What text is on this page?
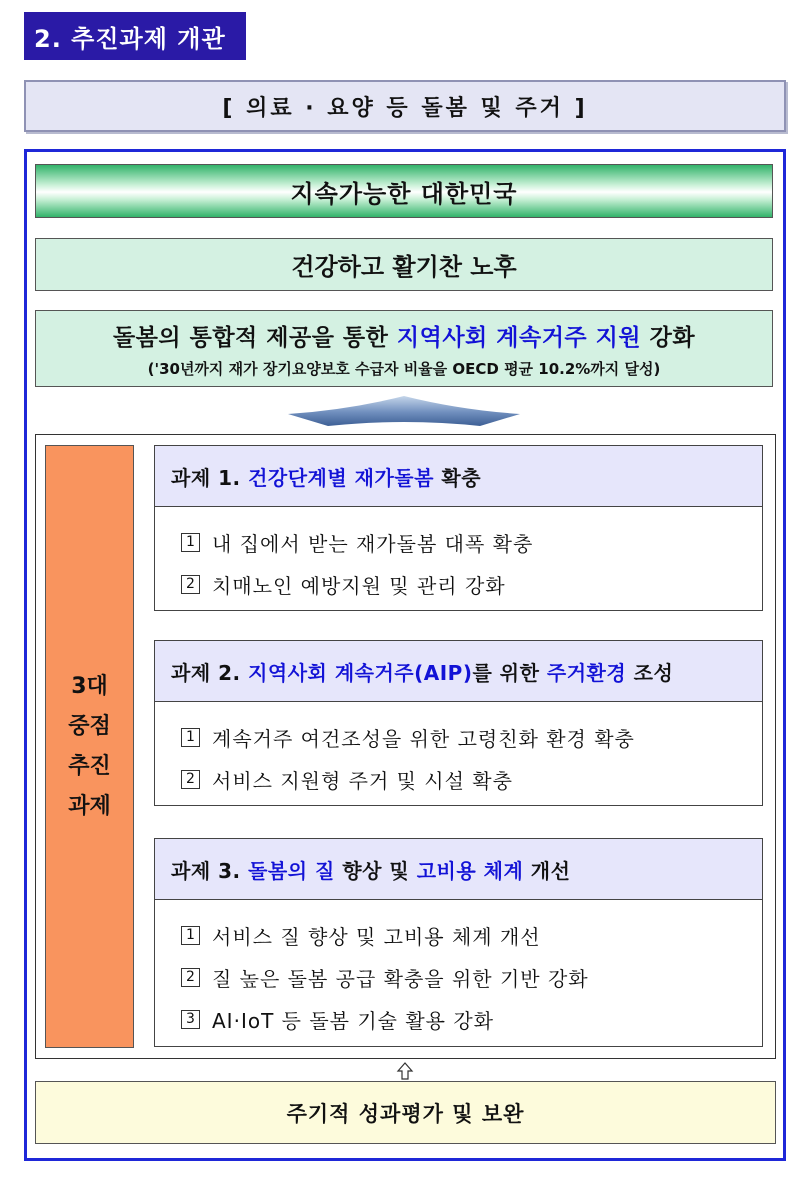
2. 추진과제 개관
[ 의료 · 요양 등 돌봄 및 주거 ]
지속가능한 대한민국
건강하고 활기찬 노후
돌봄의 통합적 제공을 통한 지역사회 계속거주 지원 강화
('30년까지 재가 장기요양보호 수급자 비율을 OECD 평균 10.2%까지 달성)
3대
중점
추진
과제
과제 1. 건강단계별 재가돌봄 확충
1 내 집에서 받는 재가돌봄 대폭 확충
2 치매노인 예방지원 및 관리 강화
과제 2. 지역사회 계속거주(AIP) 를 위한 주거환경 조성
1 계속거주 여건조성을 위한 고령친화 환경 확충
2 서비스 지원형 주거 및 시설 확충
과제 3. 돌봄의 질 향상 및 고비용 체계 개선
1 서비스 질 향상 및 고비용 체계 개선
2 질 높은 돌봄 공급 확충을 위한 기반 강화
3 AI·IoT 등 돌봄 기술 활용 강화
주기적 성과평가 및 보완
